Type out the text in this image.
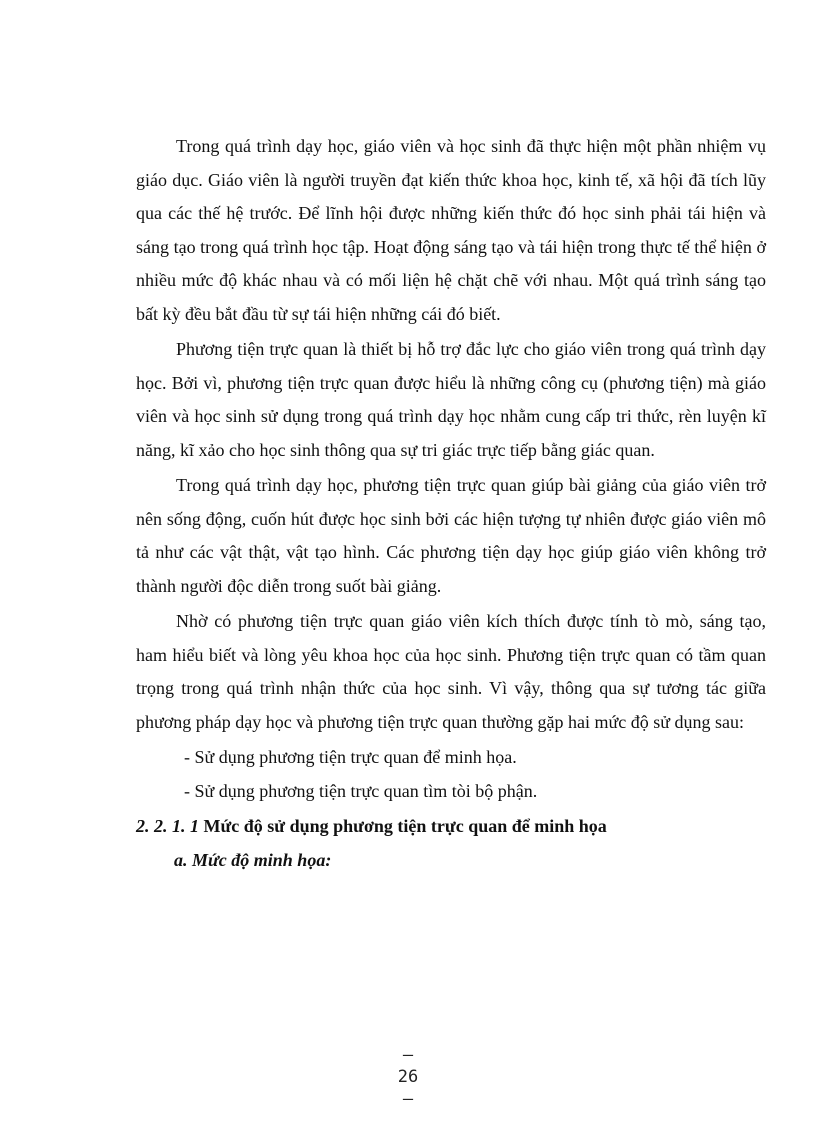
Trong quá trình dạy học, giáo viên và học sinh đã thực hiện một phần nhiệm vụ giáo dục. Giáo viên là người truyền đạt kiến thức khoa học, kinh tế, xã hội đã tích lũy qua các thế hệ trước. Để lĩnh hội được những kiến thức đó học sinh phải tái hiện và sáng tạo trong quá trình học tập. Hoạt động sáng tạo và tái hiện trong thực tế thể hiện ở nhiều mức độ khác nhau và có mối liện hệ chặt chẽ với nhau. Một quá trình sáng tạo bất kỳ đều bắt đầu từ sự tái hiện những cái đó biết.

Phương tiện trực quan là thiết bị hỗ trợ đắc lực cho giáo viên trong quá trình dạy học. Bởi vì, phương tiện trực quan được hiểu là những công cụ (phương tiện) mà giáo viên và học sinh sử dụng trong quá trình dạy học nhằm cung cấp tri thức, rèn luyện kĩ năng, kĩ xảo cho học sinh thông qua sự tri giác trực tiếp bằng giác quan.

Trong quá trình dạy học, phương tiện trực quan giúp bài giảng của giáo viên trở nên sống động, cuốn hút được học sinh bởi các hiện tượng tự nhiên được giáo viên mô tả như các vật thật, vật tạo hình. Các phương tiện dạy học giúp giáo viên không trở thành người độc diễn trong suốt bài giảng.

Nhờ có phương tiện trực quan giáo viên kích thích được tính tò mò, sáng tạo, ham hiểu biết và lòng yêu khoa học của học sinh. Phương tiện trực quan có tầm quan trọng trong quá trình nhận thức của học sinh. Vì vậy, thông qua sự tương tác giữa phương pháp dạy học và phương tiện trực quan thường gặp hai mức độ sử dụng sau:

- Sử dụng phương tiện trực quan để minh họa.

- Sử dụng phương tiện trực quan tìm tòi bộ phận.

2. 2. 1. 1 Mức độ sử dụng phương tiện trực quan để minh họa

a. Mức độ minh họa:

–
26
–
